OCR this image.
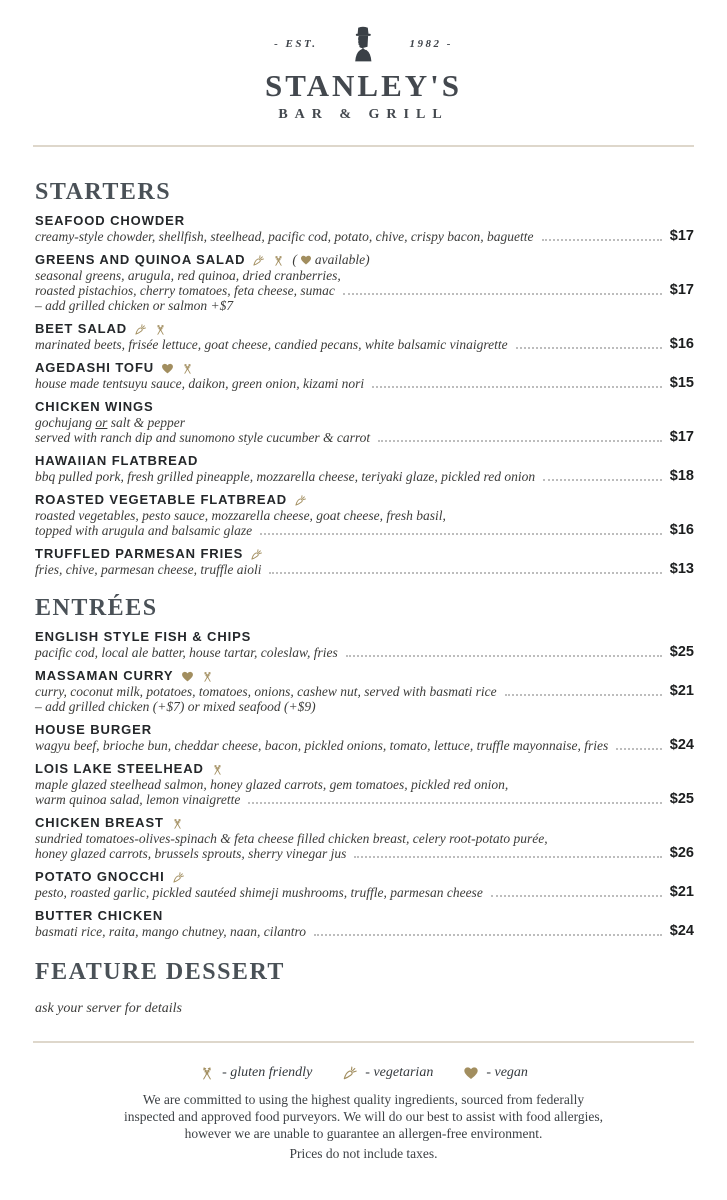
- EST.	1982 -
STANLEY'S
BAR & GRILL
STARTERS
SEAFOOD CHOWDER
creamy-style chowder, shellfish, steelhead, pacific cod, potato, chive, crispy bacon, baguette	$17
GREENS AND QUINOA SALAD	( available)
seasonal greens, arugula, red quinoa, dried cranberries,
roasted pistachios, cherry tomatoes, feta cheese, sumac	$17
– add grilled chicken or salmon +$7
BEET SALAD
marinated beets, frisée lettuce, goat cheese, candied pecans, white balsamic vinaigrette	$16
AGEDASHI TOFU
house made tentsuyu sauce, daikon, green onion, kizami nori	$15
CHICKEN WINGS
gochujang or salt & pepper
served with ranch dip and sunomono style cucumber & carrot	$17
HAWAIIAN FLATBREAD
bbq pulled pork, fresh grilled pineapple, mozzarella cheese, teriyaki glaze, pickled red onion	$18
ROASTED VEGETABLE FLATBREAD
roasted vegetables, pesto sauce, mozzarella cheese, goat cheese, fresh basil,
topped with arugula and balsamic glaze	$16
TRUFFLED PARMESAN FRIES
fries, chive, parmesan cheese, truffle aioli	$13
ENTRÉES
ENGLISH STYLE FISH & CHIPS
pacific cod, local ale batter, house tartar, coleslaw, fries	$25
MASSAMAN CURRY
curry, coconut milk, potatoes, tomatoes, onions, cashew nut, served with basmati rice	$21
– add grilled chicken (+$7) or mixed seafood (+$9)
HOUSE BURGER
wagyu beef, brioche bun, cheddar cheese, bacon, pickled onions, tomato, lettuce, truffle mayonnaise, fries	$24
LOIS LAKE STEELHEAD
maple glazed steelhead salmon, honey glazed carrots, gem tomatoes, pickled red onion,
warm quinoa salad, lemon vinaigrette	$25
CHICKEN BREAST
sundried tomatoes-olives-spinach & feta cheese filled chicken breast, celery root-potato purée,
honey glazed carrots, brussels sprouts, sherry vinegar jus	$26
POTATO GNOCCHI
pesto, roasted garlic, pickled sautéed shimeji mushrooms, truffle, parmesan cheese	$21
BUTTER CHICKEN
basmati rice, raita, mango chutney, naan, cilantro	$24
FEATURE DESSERT
ask your server for details
- gluten friendly	- vegetarian	- vegan
We are committed to using the highest quality ingredients, sourced from federally
inspected and approved food purveyors. We will do our best to assist with food allergies,
however we are unable to guarantee an allergen-free environment.
Prices do not include taxes.
